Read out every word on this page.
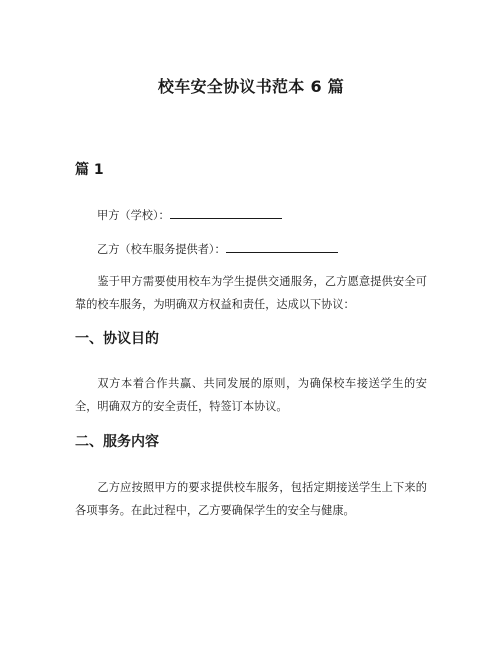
校车安全协议书范本 6 篇
篇 1
甲方（学校）：
乙方（校车服务提供者）：

鉴于甲方需要使用校车为学生提供交通服务，乙方愿意提供安全可靠的校车服务，为明确双方权益和责任，达成以下协议：

一、协议目的

双方本着合作共赢、共同发展的原则，为确保校车接送学生的安全，明确双方的安全责任，特签订本协议。

二、服务内容

乙方应按照甲方的要求提供校车服务，包括定期接送学生上下来的各项事务。在此过程中，乙方要确保学生的安全与健康。
